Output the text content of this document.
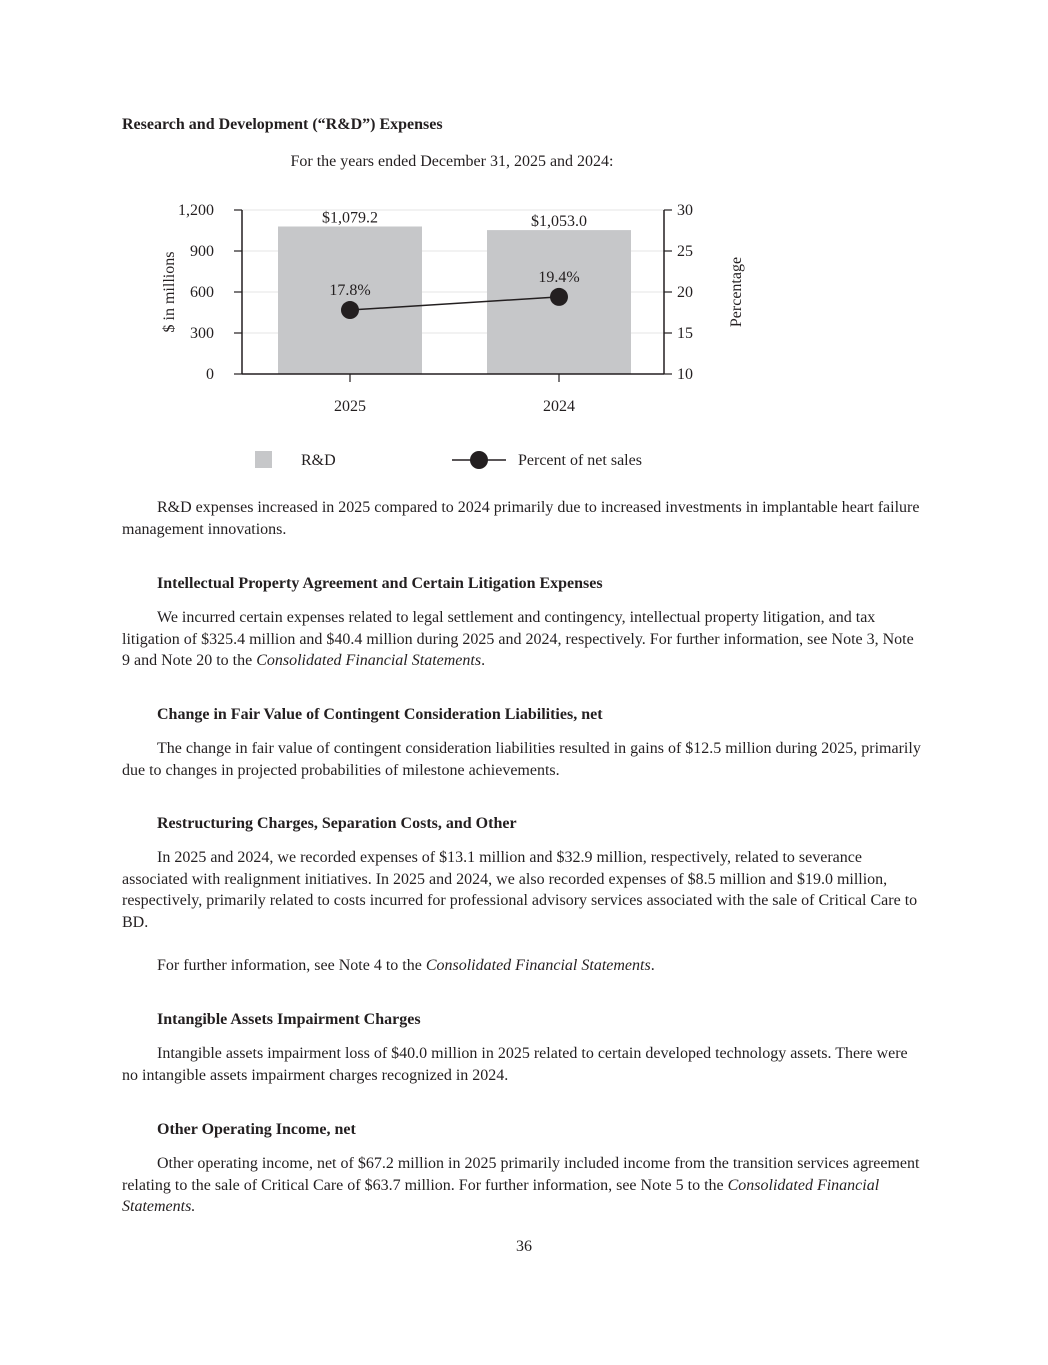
Research and Development (“R&D”) Expenses
For the years ended December 31, 2025 and 2024:
0
300
600
900
1,200
10
15
20
25
30
2025	2024
$1,079.2	$1,053.0
17.8%
19.4%
$ in millions	Percentage
R&D	Percent of net sales

R&D expenses increased in 2025 compared to 2024 primarily due to increased investments in implantable heart failure management innovations.

Intellectual Property Agreement and Certain Litigation Expenses

We incurred certain expenses related to legal settlement and contingency, intellectual property litigation, and tax litigation of $325.4 million and $40.4 million during 2025 and 2024, respectively. For further information, see Note 3, Note 9 and Note 20 to the Consolidated Financial Statements.

Change in Fair Value of Contingent Consideration Liabilities, net

The change in fair value of contingent consideration liabilities resulted in gains of $12.5 million during 2025, primarily due to changes in projected probabilities of milestone achievements.

Restructuring Charges, Separation Costs, and Other

In 2025 and 2024, we recorded expenses of $13.1 million and $32.9 million, respectively, related to severance associated with realignment initiatives. In 2025 and 2024, we also recorded expenses of $8.5 million and $19.0 million, respectively, primarily related to costs incurred for professional advisory services associated with the sale of Critical Care to BD.

For further information, see Note 4 to the Consolidated Financial Statements.

Intangible Assets Impairment Charges

Intangible assets impairment loss of $40.0 million in 2025 related to certain developed technology assets. There were no intangible assets impairment charges recognized in 2024.

Other Operating Income, net

Other operating income, net of $67.2 million in 2025 primarily included income from the transition services agreement relating to the sale of Critical Care of $63.7 million. For further information, see Note 5 to the Consolidated Financial Statements.

36
